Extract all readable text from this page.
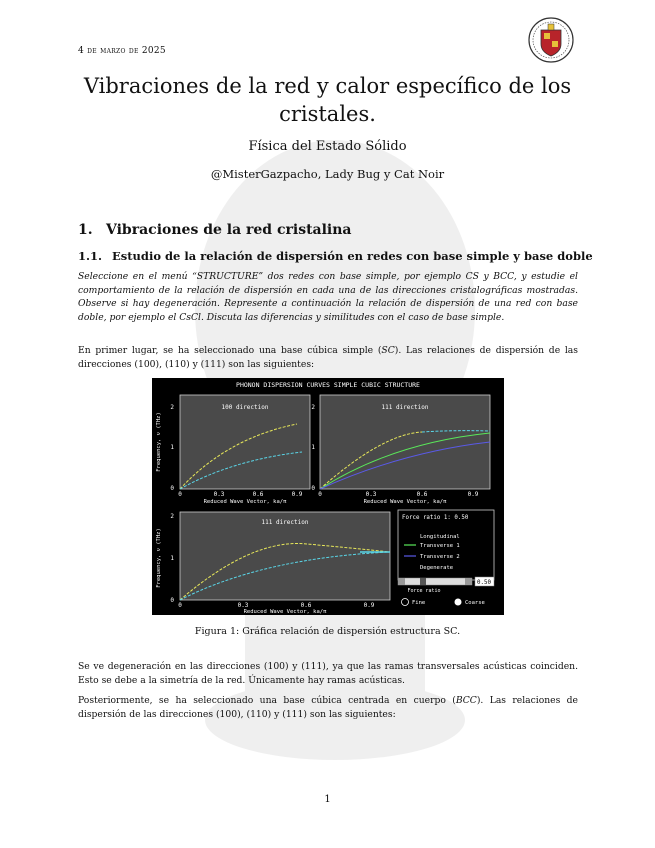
4 de marzo de 2025
Vibraciones de la red y calor específico de los cristales.
Física del Estado Sólido
@MisterGazpacho, Lady Bug y Cat Noir
1. Vibraciones de la red cristalina
1.1. Estudio de la relación de dispersión en redes con base simple y base doble
Seleccione en el menú “STRUCTURE” dos redes con base simple, por ejemplo CS y BCC, y estudie el comportamiento de la relación de dispersión en cada una de las direcciones cristalográficas mostradas. Observe si hay degeneración. Represente a continuación la relación de dispersión de una red con base doble, por ejemplo el CsCl. Discuta las diferencias y similitudes con el caso de base simple.
En primer lugar, se ha seleccionado una base cúbica simple (SC). Las relaciones de dispersión de las direcciones (100), (110) y (111) son las siguientes:
PHONON DISPERSION CURVES SIMPLE CUBIC STRUCTURE
100 direction
Frequency, ν (THz)
2
1
0
0	0.3	0.6	0.9
Reduced Wave Vector, ka/π
111 direction
2
1
0
0	0.3	0.6	0.9
Reduced Wave Vector, ka/π
111 direction
Frequency, ν (THz)
2
1
0
0	0.3	0.6	0.9
Reduced Wave Vector, ka/π
Force ratio 1: 0.50
Longitudinal
Transverse 1
Transverse 2
Degenerate
0.50
Force ratio
Fine	Coarse
Figura 1: Gráfica relación de dispersión estructura SC.
Se ve degeneración en las direcciones (100) y (111), ya que las ramas transversales acústicas coinciden. Esto se debe a la simetría de la red. Únicamente hay ramas acústicas.
Posteriormente, se ha seleccionado una base cúbica centrada en cuerpo (BCC). Las relaciones de dispersión de las direcciones (100), (110) y (111) son las siguientes:
1
